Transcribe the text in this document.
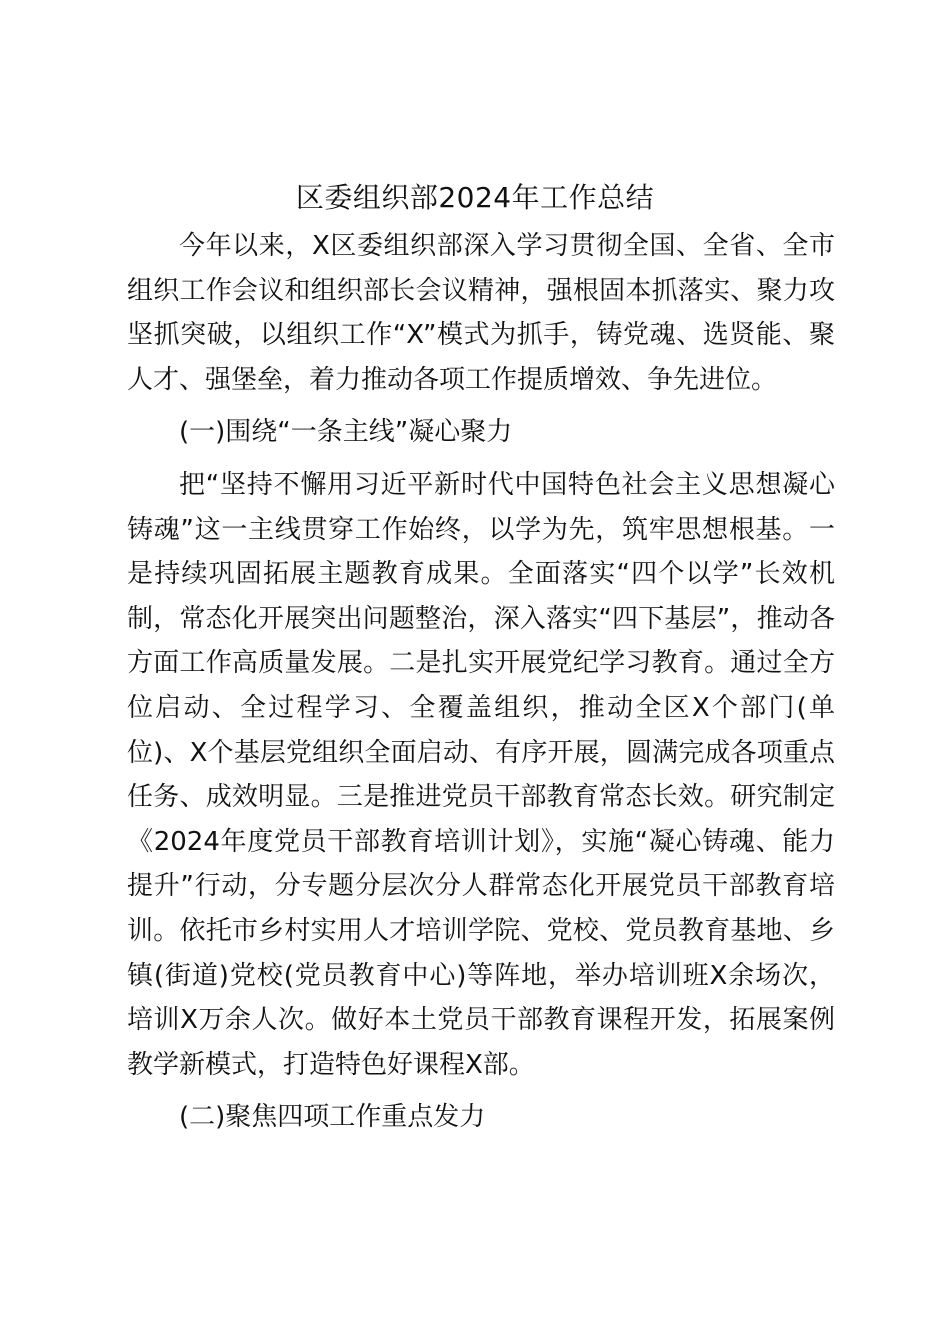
区委组织部2024年工作总结

今年以来，X区委组织部深入学习贯彻全国、全省、全市组织工作会议和组织部长会议精神，强根固本抓落实、聚力攻坚抓突破，以组织工作“X”模式为抓手，铸党魂、选贤能、聚人才、强堡垒，着力推动各项工作提质增效、争先进位。

(一)围绕“一条主线”凝心聚力

把“坚持不懈用习近平新时代中国特色社会主义思想凝心铸魂”这一主线贯穿工作始终，以学为先，筑牢思想根基。一是持续巩固拓展主题教育成果。全面落实“四个以学”长效机制，常态化开展突出问题整治，深入落实“四下基层”，推动各方面工作高质量发展。二是扎实开展党纪学习教育。通过全方位启动、全过程学习、全覆盖组织，推动全区X个部门(单位)、X个基层党组织全面启动、有序开展，圆满完成各项重点任务、成效明显。三是推进党员干部教育常态长效。研究制定《2024年度党员干部教育培训计划》，实施“凝心铸魂、能力提升”行动，分专题分层次分人群常态化开展党员干部教育培训。依托市乡村实用人才培训学院、党校、党员教育基地、乡镇(街道)党校(党员教育中心)等阵地，举办培训班X余场次，培训X万余人次。做好本土党员干部教育课程开发，拓展案例教学新模式，打造特色好课程X部。

(二)聚焦四项工作重点发力
